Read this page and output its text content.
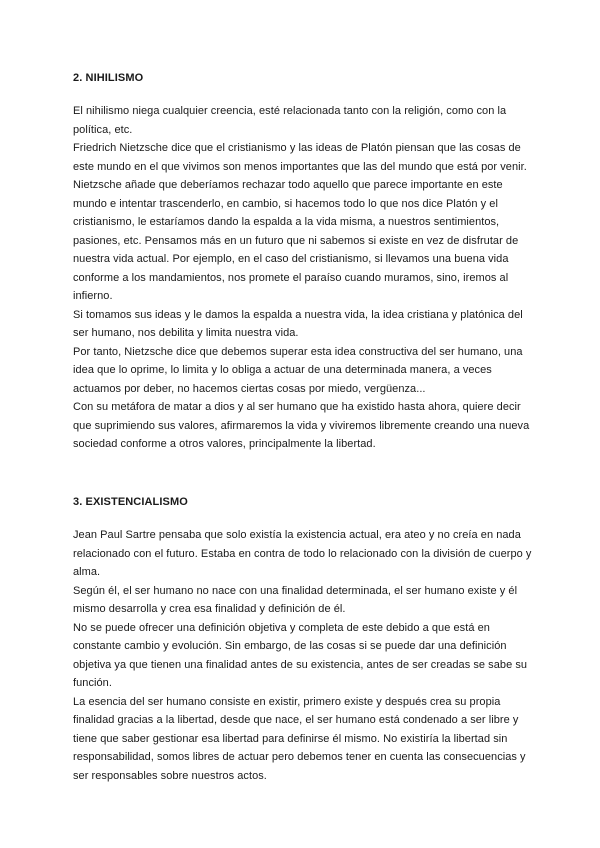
2. NIHILISMO

El nihilismo niega cualquier creencia, esté relacionada tanto con la religión, como con la política, etc.

Friedrich Nietzsche dice que el cristianismo y las ideas de Platón piensan que las cosas de este mundo en el que vivimos son menos importantes que las del mundo que está por venir.

Nietzsche añade que deberíamos rechazar todo aquello que parece importante en este mundo e intentar trascenderlo, en cambio, si hacemos todo lo que nos dice Platón y el cristianismo, le estaríamos dando la espalda a la vida misma, a nuestros sentimientos, pasiones, etc. Pensamos más en un futuro que ni sabemos si existe en vez de disfrutar de nuestra vida actual. Por ejemplo, en el caso del cristianismo, si llevamos una buena vida conforme a los mandamientos, nos promete el paraíso cuando muramos, sino, iremos al infierno.

Si tomamos sus ideas y le damos la espalda a nuestra vida, la idea cristiana y platónica del ser humano, nos debilita y limita nuestra vida.

Por tanto, Nietzsche dice que debemos superar esta idea constructiva del ser humano, una idea que lo oprime, lo limita y lo obliga a actuar de una determinada manera, a veces actuamos por deber, no hacemos ciertas cosas por miedo, vergüenza...

Con su metáfora de matar a dios y al ser humano que ha existido hasta ahora, quiere decir que suprimiendo sus valores, afirmaremos la vida y viviremos libremente creando una nueva sociedad conforme a otros valores, principalmente la libertad.

3. EXISTENCIALISMO

Jean Paul Sartre pensaba que solo existía la existencia actual, era ateo y no creía en nada relacionado con el futuro. Estaba en contra de todo lo relacionado con la división de cuerpo y alma.

Según él, el ser humano no nace con una finalidad determinada, el ser humano existe y él mismo desarrolla y crea esa finalidad y definición de él.

No se puede ofrecer una definición objetiva y completa de este debido a que está en constante cambio y evolución. Sin embargo, de las cosas si se puede dar una definición objetiva ya que tienen una finalidad antes de su existencia, antes de ser creadas se sabe su función.

La esencia del ser humano consiste en existir, primero existe y después crea su propia finalidad gracias a la libertad, desde que nace, el ser humano está condenado a ser libre y tiene que saber gestionar esa libertad para definirse él mismo. No existiría la libertad sin responsabilidad, somos libres de actuar pero debemos tener en cuenta las consecuencias y ser responsables sobre nuestros actos.
